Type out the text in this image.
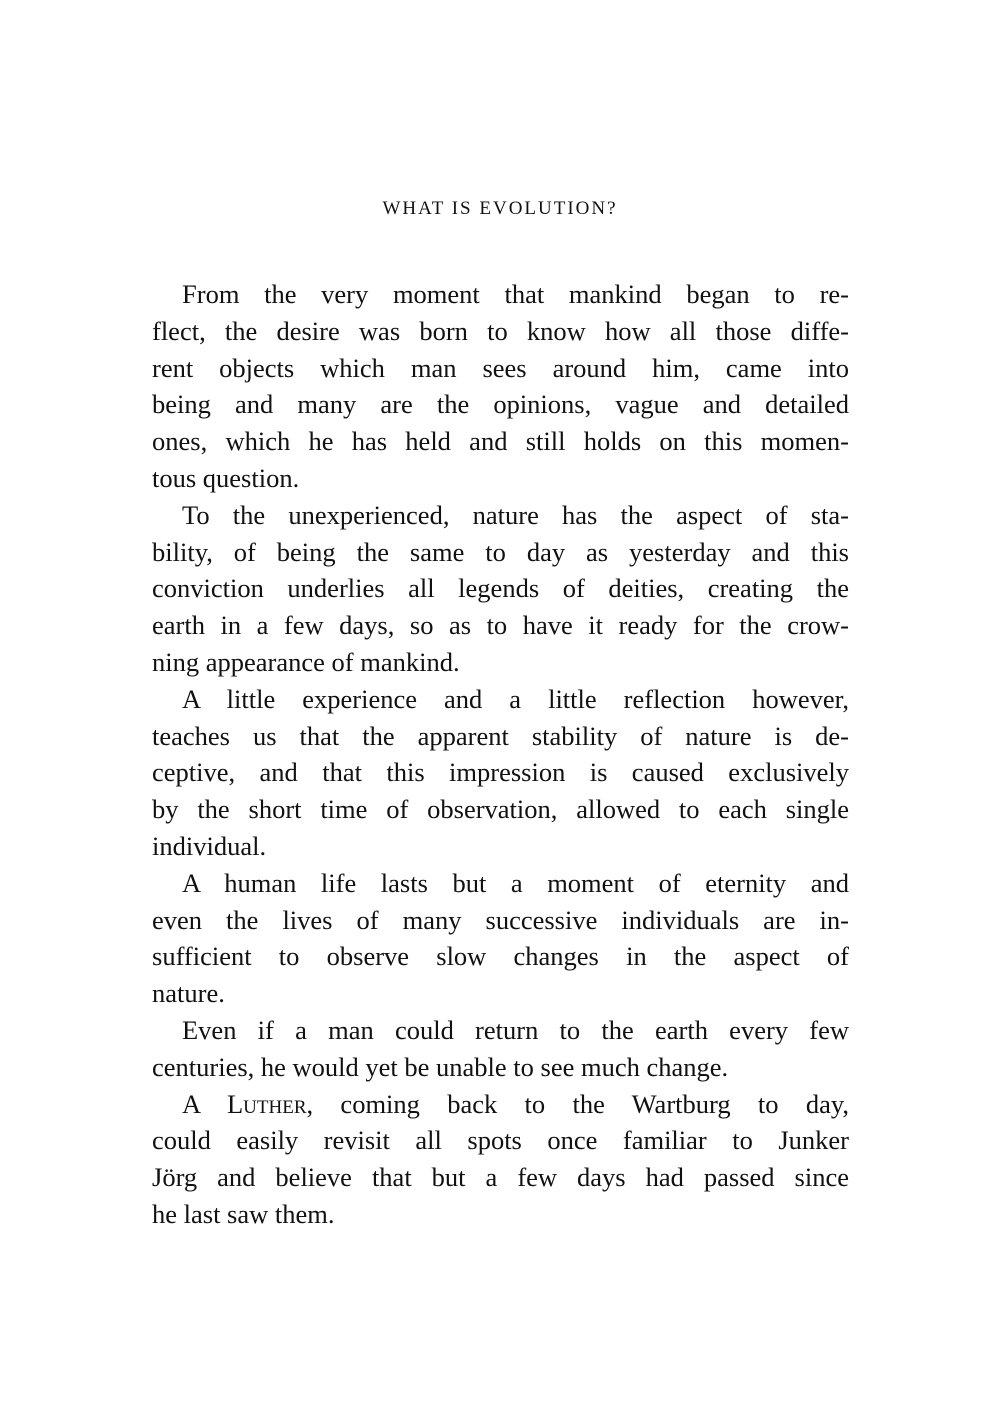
WHAT IS EVOLUTION?

From the very moment that mankind began to re-
flect, the desire was born to know how all those diffe-
rent objects which man sees around him, came into
being and many are the opinions, vague and detailed
ones, which he has held and still holds on this momen-
tous question.

To the unexperienced, nature has the aspect of sta-
bility, of being the same to day as yesterday and this
conviction underlies all legends of deities, creating the
earth in a few days, so as to have it ready for the crow-
ning appearance of mankind.

A little experience and a little reflection however,
teaches us that the apparent stability of nature is de-
ceptive, and that this impression is caused exclusively
by the short time of observation, allowed to each single
individual.

A human life lasts but a moment of eternity and
even the lives of many successive individuals are in-
sufficient to observe slow changes in the aspect of
nature.

Even if a man could return to the earth every few
centuries, he would yet be unable to see much change.

A Luther, coming back to the Wartburg to day,
could easily revisit all spots once familiar to Junker
Jörg and believe that but a few days had passed since
he last saw them.
